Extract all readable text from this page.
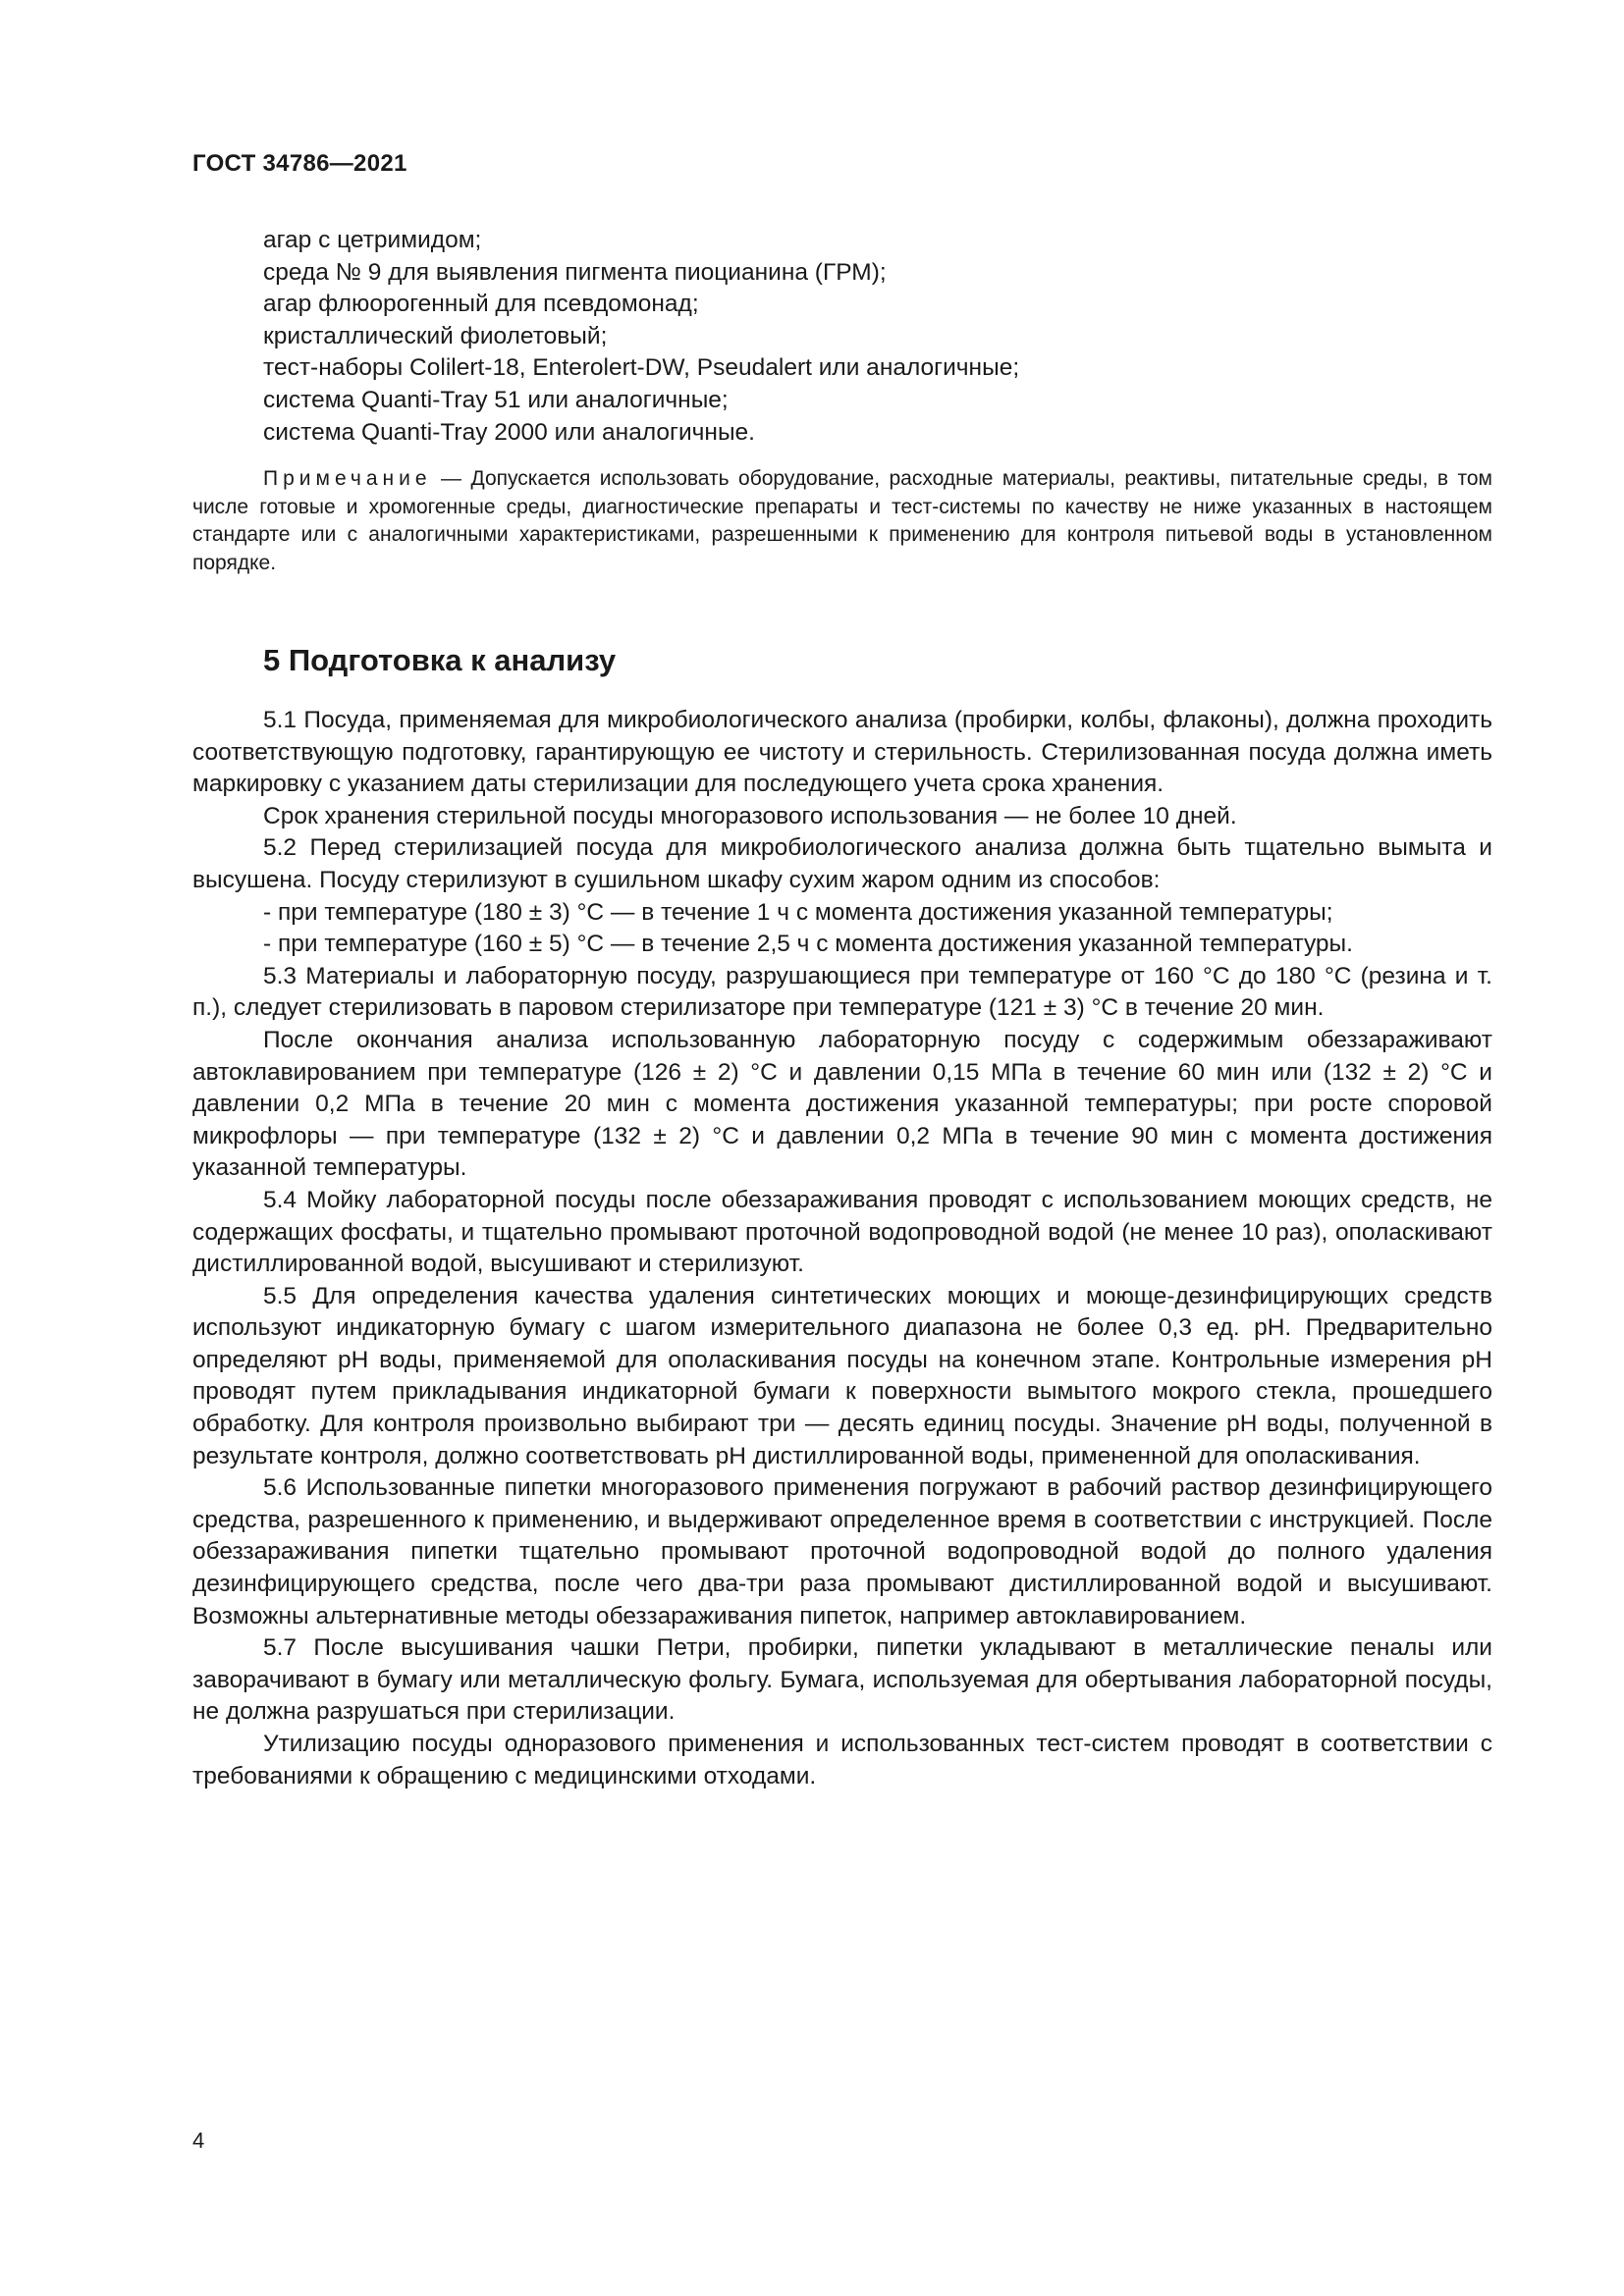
ГОСТ 34786—2021
агар с цетримидом;
среда № 9 для выявления пигмента пиоцианина (ГРМ);
агар флюорогенный для псевдомонад;
кристаллический фиолетовый;
тест-наборы Colilert-18, Enterolert-DW, Pseudalert или аналогичные;
система Quanti-Tray 51 или аналогичные;
система Quanti-Tray 2000 или аналогичные.

Примечание — Допускается использовать оборудование, расходные материалы, реактивы, питательные среды, в том числе готовые и хромогенные среды, диагностические препараты и тест-системы по качеству не ниже указанных в настоящем стандарте или с аналогичными характеристиками, разрешенными к применению для контроля питьевой воды в установленном порядке.

5 Подготовка к анализу

5.1 Посуда, применяемая для микробиологического анализа (пробирки, колбы, флаконы), должна проходить соответствующую подготовку, гарантирующую ее чистоту и стерильность. Стерилизованная посуда должна иметь маркировку с указанием даты стерилизации для последующего учета срока хранения.

Срок хранения стерильной посуды многоразового использования — не более 10 дней.

5.2 Перед стерилизацией посуда для микробиологического анализа должна быть тщательно вымыта и высушена. Посуду стерилизуют в сушильном шкафу сухим жаром одним из способов:

- при температуре (180 ± 3) °С — в течение 1 ч с момента достижения указанной температуры;

- при температуре (160 ± 5) °С — в течение 2,5 ч с момента достижения указанной температуры.

5.3 Материалы и лабораторную посуду, разрушающиеся при температуре от 160 °С до 180 °С (резина и т. п.), следует стерилизовать в паровом стерилизаторе при температуре (121 ± 3) °С в течение 20 мин.

После окончания анализа использованную лабораторную посуду с содержимым обеззараживают автоклавированием при температуре (126 ± 2) °С и давлении 0,15 МПа в течение 60 мин или (132 ± 2) °С и давлении 0,2 МПа в течение 20 мин с момента достижения указанной температуры; при росте споровой микрофлоры — при температуре (132 ± 2) °С и давлении 0,2 МПа в течение 90 мин с момента достижения указанной температуры.

5.4 Мойку лабораторной посуды после обеззараживания проводят с использованием моющих средств, не содержащих фосфаты, и тщательно промывают проточной водопроводной водой (не менее 10 раз), ополаскивают дистиллированной водой, высушивают и стерилизуют.

5.5 Для определения качества удаления синтетических моющих и моюще-дезинфицирующих средств используют индикаторную бумагу с шагом измерительного диапазона не более 0,3 ед. рН. Предварительно определяют рН воды, применяемой для ополаскивания посуды на конечном этапе. Контрольные измерения рН проводят путем прикладывания индикаторной бумаги к поверхности вымытого мокрого стекла, прошедшего обработку. Для контроля произвольно выбирают три — десять единиц посуды. Значение рН воды, полученной в результате контроля, должно соответствовать рН дистиллированной воды, примененной для ополаскивания.

5.6 Использованные пипетки многоразового применения погружают в рабочий раствор дезинфицирующего средства, разрешенного к применению, и выдерживают определенное время в соответствии с инструкцией. После обеззараживания пипетки тщательно промывают проточной водопроводной водой до полного удаления дезинфицирующего средства, после чего два-три раза промывают дистиллированной водой и высушивают. Возможны альтернативные методы обеззараживания пипеток, например автоклавированием.

5.7 После высушивания чашки Петри, пробирки, пипетки укладывают в металлические пеналы или заворачивают в бумагу или металлическую фольгу. Бумага, используемая для обертывания лабораторной посуды, не должна разрушаться при стерилизации.

Утилизацию посуды одноразового применения и использованных тест-систем проводят в соответствии с требованиями к обращению с медицинскими отходами.

4
